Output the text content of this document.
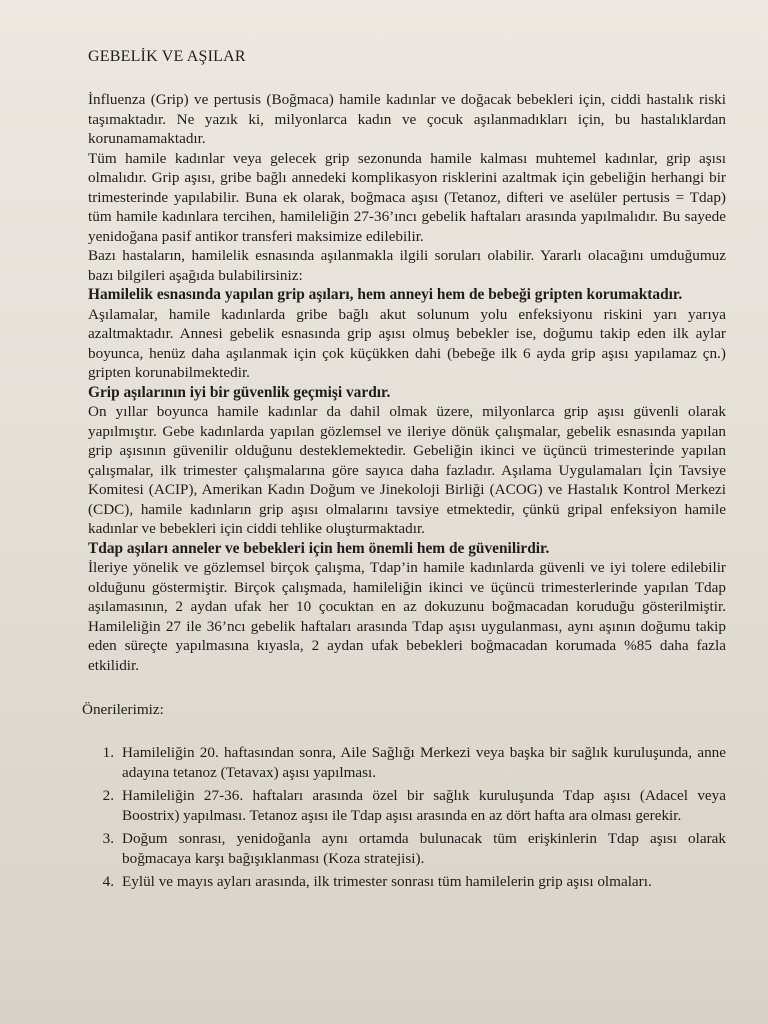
GEBELİK VE AŞILAR

İnfluenza (Grip) ve pertusis (Boğmaca) hamile kadınlar ve doğacak bebekleri için, ciddi hastalık riski taşımaktadır. Ne yazık ki, milyonlarca kadın ve çocuk aşılanmadıkları için, bu hastalıklardan korunamamaktadır.

Tüm hamile kadınlar veya gelecek grip sezonunda hamile kalması muhtemel kadınlar, grip aşısı olmalıdır. Grip aşısı, gribe bağlı annedeki komplikasyon risklerini azaltmak için gebeliğin herhangi bir trimesterinde yapılabilir. Buna ek olarak, boğmaca aşısı (Tetanoz, difteri ve aselüler pertusis = Tdap) tüm hamile kadınlara tercihen, hamileliğin 27-36’ıncı gebelik haftaları arasında yapılmalıdır. Bu sayede yenidoğana pasif antikor transferi maksimize edilebilir.

Bazı hastaların, hamilelik esnasında aşılanmakla ilgili soruları olabilir. Yararlı olacağını umduğumuz bazı bilgileri aşağıda bulabilirsiniz:

Hamilelik esnasında yapılan grip aşıları, hem anneyi hem de bebeği gripten korumaktadır.

Aşılamalar, hamile kadınlarda gribe bağlı akut solunum yolu enfeksiyonu riskini yarı yarıya azaltmaktadır. Annesi gebelik esnasında grip aşısı olmuş bebekler ise, doğumu takip eden ilk aylar boyunca, henüz daha aşılanmak için çok küçükken dahi (bebeğe ilk 6 ayda grip aşısı yapılamaz çn.) gripten korunabilmektedir.

Grip aşılarının iyi bir güvenlik geçmişi vardır.

On yıllar boyunca hamile kadınlar da dahil olmak üzere, milyonlarca grip aşısı güvenli olarak yapılmıştır. Gebe kadınlarda yapılan gözlemsel ve ileriye dönük çalışmalar, gebelik esnasında yapılan grip aşısının güvenilir olduğunu desteklemektedir. Gebeliğin ikinci ve üçüncü trimesterinde yapılan çalışmalar, ilk trimester çalışmalarına göre sayıca daha fazladır. Aşılama Uygulamaları İçin Tavsiye Komitesi (ACIP), Amerikan Kadın Doğum ve Jinekoloji Birliği (ACOG) ve Hastalık Kontrol Merkezi (CDC), hamile kadınların grip aşısı olmalarını tavsiye etmektedir, çünkü gripal enfeksiyon hamile kadınlar ve bebekleri için ciddi tehlike oluşturmaktadır.

Tdap aşıları anneler ve bebekleri için hem önemli hem de güvenilirdir.

İleriye yönelik ve gözlemsel birçok çalışma, Tdap’in hamile kadınlarda güvenli ve iyi tolere edilebilir olduğunu göstermiştir. Birçok çalışmada, hamileliğin ikinci ve üçüncü trimesterlerinde yapılan Tdap aşılamasının, 2 aydan ufak her 10 çocuktan en az dokuzunu boğmacadan koruduğu gösterilmiştir. Hamileliğin 27 ile 36’ncı gebelik haftaları arasında Tdap aşısı uygulanması, aynı aşının doğumu takip eden süreçte yapılmasına kıyasla, 2 aydan ufak bebekleri boğmacadan korumada %85 daha fazla etkilidir.

Önerilerimiz:
1. Hamileliğin 20. haftasından sonra, Aile Sağlığı Merkezi veya başka bir sağlık kuruluşunda, anne adayına tetanoz (Tetavax) aşısı yapılması.
2. Hamileliğin 27-36. haftaları arasında özel bir sağlık kuruluşunda Tdap aşısı (Adacel veya Boostrix) yapılması. Tetanoz aşısı ile Tdap aşısı arasında en az dört hafta ara olması gerekir.
3. Doğum sonrası, yenidoğanla aynı ortamda bulunacak tüm erişkinlerin Tdap aşısı olarak boğmacaya karşı bağışıklanması (Koza stratejisi).
4. Eylül ve mayıs ayları arasında, ilk trimester sonrası tüm hamilelerin grip aşısı olmaları.
